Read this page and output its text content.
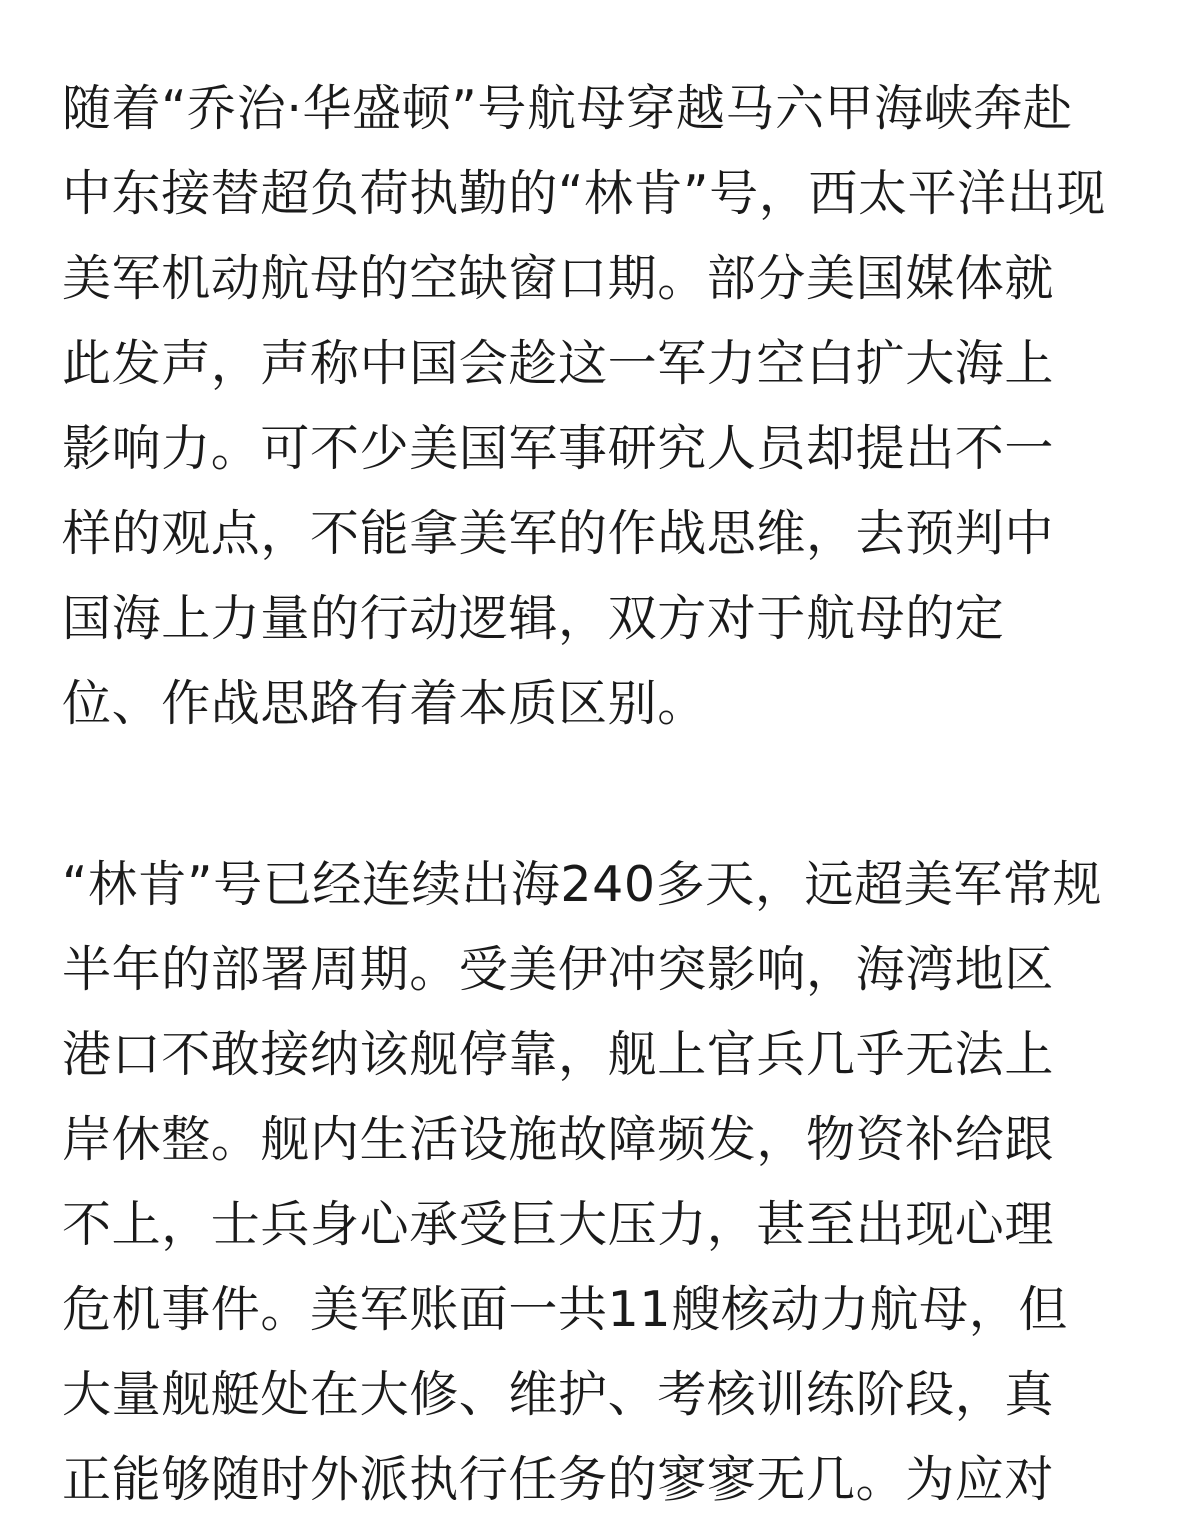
随着“乔治·华盛顿”号航母穿越马六甲海峡奔赴
中东接替超负荷执勤的“林肯”号，西太平洋出现
美军机动航母的空缺窗口期。部分美国媒体就
此发声，声称中国会趁这一军力空白扩大海上
影响力。可不少美国军事研究人员却提出不一
样的观点，不能拿美军的作战思维，去预判中
国海上力量的行动逻辑，双方对于航母的定
位、作战思路有着本质区别。
“林肯”号已经连续出海240多天，远超美军常规
半年的部署周期。受美伊冲突影响，海湾地区
港口不敢接纳该舰停靠，舰上官兵几乎无法上
岸休整。舰内生活设施故障频发，物资补给跟
不上，士兵身心承受巨大压力，甚至出现心理
危机事件。美军账面一共11艘核动力航母，但
大量舰艇处在大修、维护、考核训练阶段，真
正能够随时外派执行任务的寥寥无几。为应对
